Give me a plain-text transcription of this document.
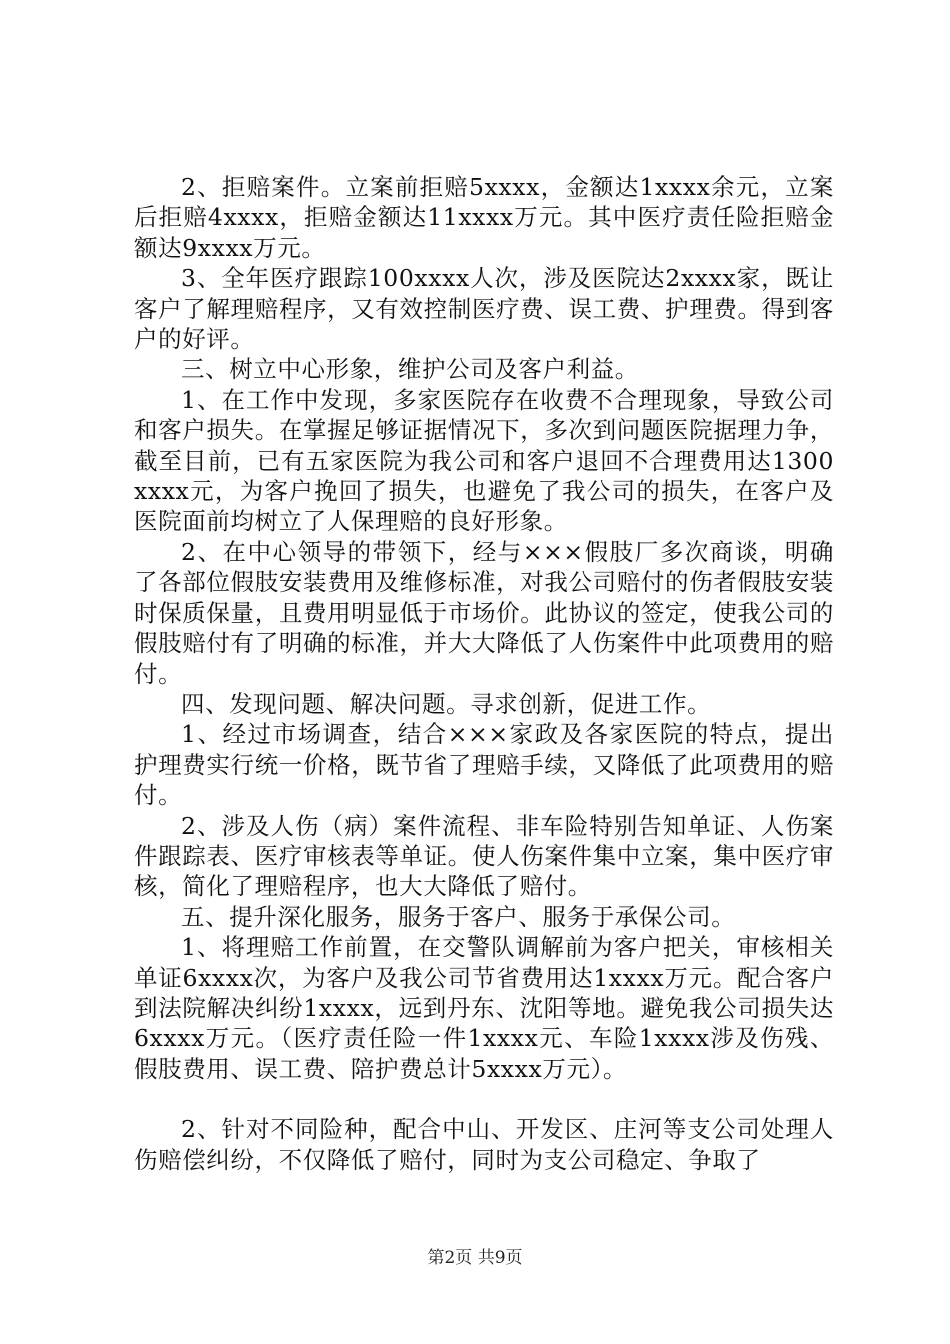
2、拒赔案件。立案前拒赔5xxxx，金额达1xxxx余元，立案后拒赔4xxxx，拒赔金额达11xxxx万元。其中医疗责任险拒赔金额达9xxxx万元。

3、全年医疗跟踪100xxxx人次，涉及医院达2xxxx家，既让客户了解理赔程序，又有效控制医疗费、误工费、护理费。得到客户的好评。

三、树立中心形象，维护公司及客户利益。

1、在工作中发现，多家医院存在收费不合理现象，导致公司和客户损失。在掌握足够证据情况下，多次到问题医院据理力争，截至目前，已有五家医院为我公司和客户退回不合理费用达1300xxxx元，为客户挽回了损失，也避免了我公司的损失，在客户及医院面前均树立了人保理赔的良好形象。

2、在中心领导的带领下，经与×××假肢厂多次商谈，明确了各部位假肢安装费用及维修标准，对我公司赔付的伤者假肢安装时保质保量，且费用明显低于市场价。此协议的签定，使我公司的假肢赔付有了明确的标准，并大大降低了人伤案件中此项费用的赔付。

四、发现问题、解决问题。寻求创新，促进工作。

1、经过市场调查，结合×××家政及各家医院的特点，提出护理费实行统一价格，既节省了理赔手续，又降低了此项费用的赔付。

2、涉及人伤（病）案件流程、非车险特别告知单证、人伤案件跟踪表、医疗审核表等单证。使人伤案件集中立案，集中医疗审核，简化了理赔程序，也大大降低了赔付。

五、提升深化服务，服务于客户、服务于承保公司。

1、将理赔工作前置，在交警队调解前为客户把关，审核相关单证6xxxx次，为客户及我公司节省费用达1xxxx万元。配合客户到法院解决纠纷1xxxx，远到丹东、沈阳等地。避免我公司损失达6xxxx万元。（医疗责任险一件1xxxx元、车险1xxxx涉及伤残、假肢费用、误工费、陪护费总计5xxxx万元）。

2、针对不同险种，配合中山、开发区、庄河等支公司处理人伤赔偿纠纷，不仅降低了赔付，同时为支公司稳定、争取了

第2页 共9页
